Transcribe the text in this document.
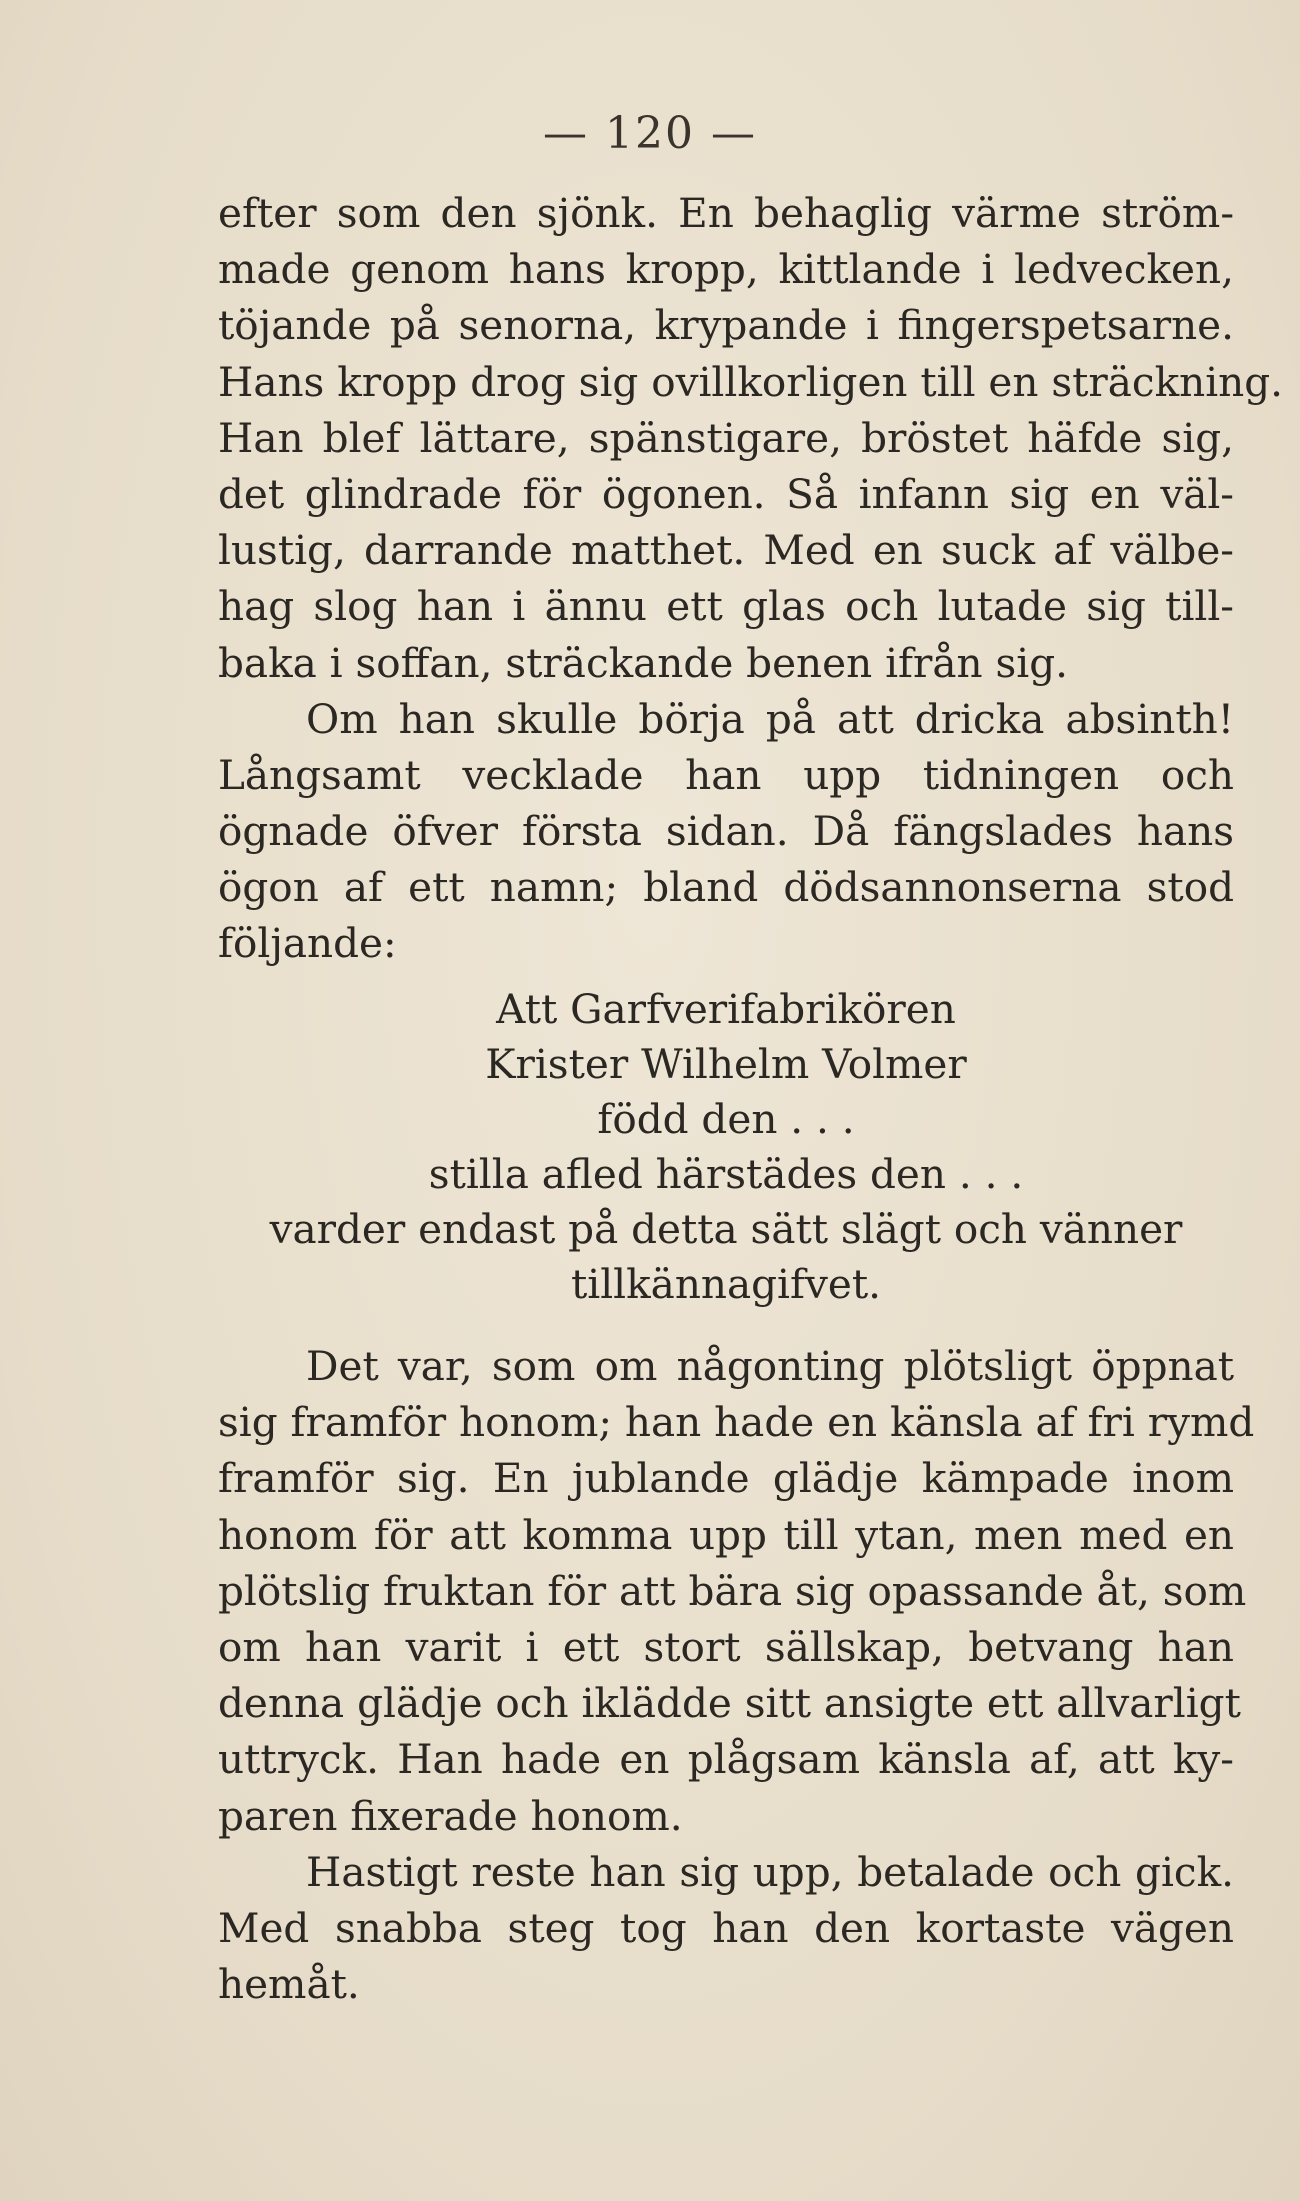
— 120 —
efter som den sjönk. En behaglig värme ström-
made genom hans kropp, kittlande i ledvecken,
töjande på senorna, krypande i fingerspetsarne.
Hans kropp drog sig ovillkorligen till en sträckning.
Han blef lättare, spänstigare, bröstet häfde sig,
det glindrade för ögonen. Så infann sig en väl-
lustig, darrande matthet. Med en suck af välbe-
hag slog han i ännu ett glas och lutade sig till-
baka i soffan, sträckande benen ifrån sig.
Om han skulle börja på att dricka absinth!
Långsamt vecklade han upp tidningen och
ögnade öfver första sidan. Då fängslades hans
ögon af ett namn; bland dödsannonserna stod
följande:
Att Garfverifabrikören
Krister Wilhelm Volmer
född den . . .
stilla afled härstädes den . . .
varder endast på detta sätt slägt och vänner
tillkännagifvet.
Det var, som om någonting plötsligt öppnat
sig framför honom; han hade en känsla af fri rymd
framför sig. En jublande glädje kämpade inom
honom för att komma upp till ytan, men med en
plötslig fruktan för att bära sig opassande åt, som
om han varit i ett stort sällskap, betvang han
denna glädje och iklädde sitt ansigte ett allvarligt
uttryck. Han hade en plågsam känsla af, att ky-
paren fixerade honom.
Hastigt reste han sig upp, betalade och gick.
Med snabba steg tog han den kortaste vägen
hemåt.
